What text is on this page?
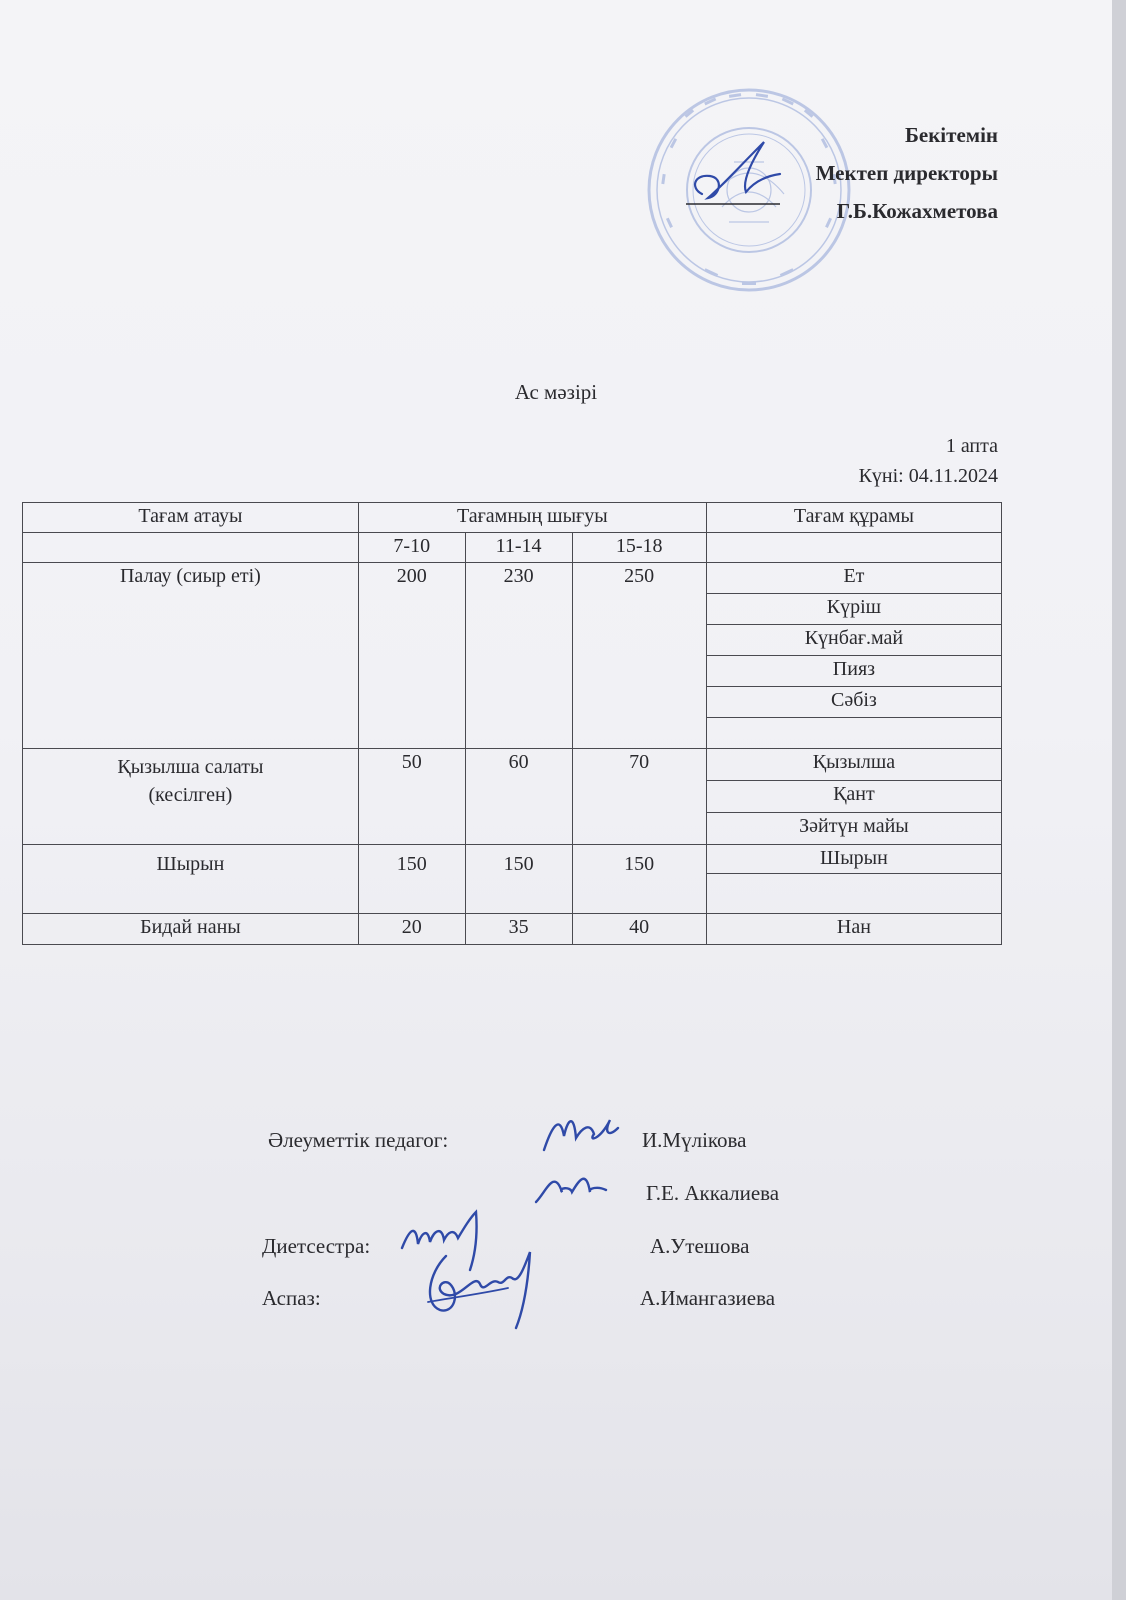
Бекітемін
Мектеп директоры
Г.Б.Кожахметова
Ас мәзірі
1 апта
Күні: 04.11.2024
Тағам атауы	Тағамның шығуы			Тағам құрамы
	7-10	11-14	15-18	
Палау (сиыр еті)	200	230	250	Ет
				Күріш
				Күнбағ.май
				Пияз
				Сәбіз

Қызылша салаты (кесілген)	50	60	70	Қызылша
				Қант
				Зәйтүн майы
Шырын	150	150	150	Шырын

Бидай наны	20	35	40	Нан
Әлеуметтік педагог:	И.Мүлікова
Г.Е. Аккалиева
Диетсестра:	А.Утешова
Аспаз:	А.Имангазиева
